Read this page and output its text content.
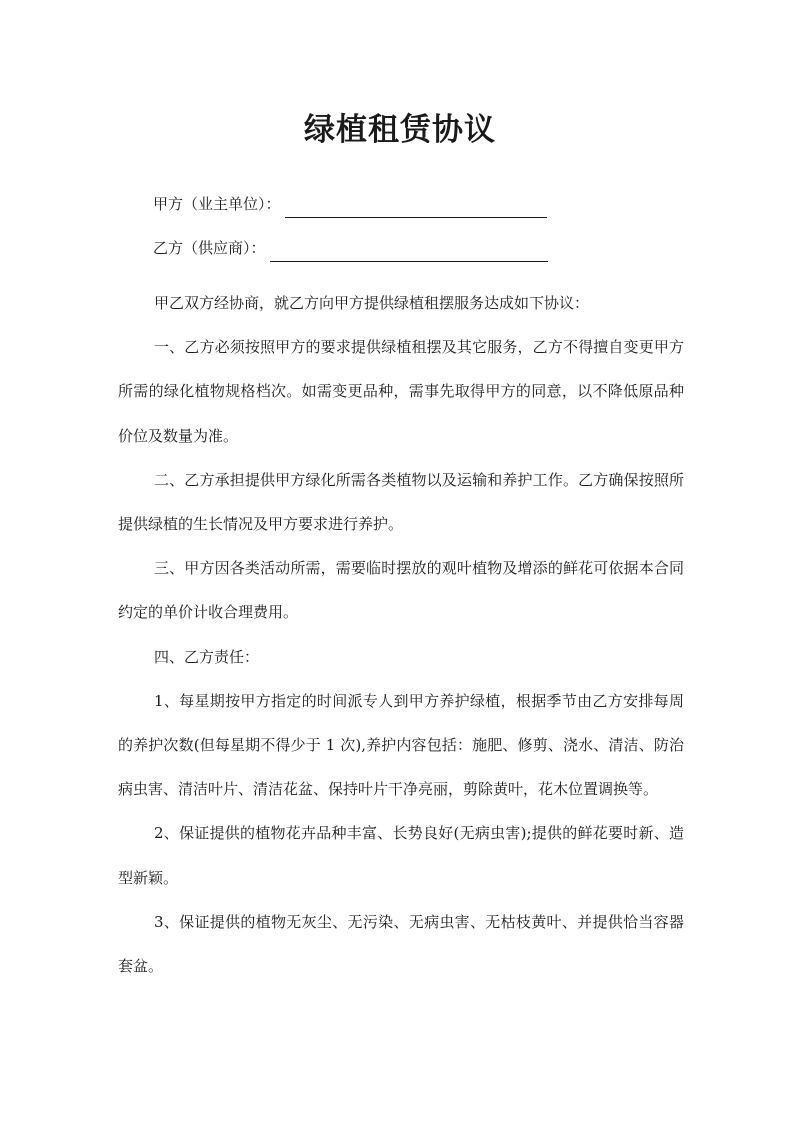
绿植租赁协议
甲方（业主单位）：
乙方（供应商）：

甲乙双方经协商，就乙方向甲方提供绿植租摆服务达成如下协议：

一、乙方必须按照甲方的要求提供绿植租摆及其它服务，乙方不得擅自变更甲方所需的绿化植物规格档次。如需变更品种，需事先取得甲方的同意，以不降低原品种价位及数量为准。

二、乙方承担提供甲方绿化所需各类植物以及运输和养护工作。乙方确保按照所提供绿植的生长情况及甲方要求进行养护。

三、甲方因各类活动所需，需要临时摆放的观叶植物及增添的鲜花可依据本合同约定的单价计收合理费用。

四、乙方责任：

1、每星期按甲方指定的时间派专人到甲方养护绿植，根据季节由乙方安排每周的养护次数(但每星期不得少于 1 次),养护内容包括：施肥、修剪、浇水、清洁、防治病虫害、清洁叶片、清洁花盆、保持叶片干净亮丽，剪除黄叶，花木位置调换等。

2、保证提供的植物花卉品种丰富、长势良好(无病虫害);提供的鲜花要时新、造型新颖。

3、保证提供的植物无灰尘、无污染、无病虫害、无枯枝黄叶、并提供恰当容器套盆。
